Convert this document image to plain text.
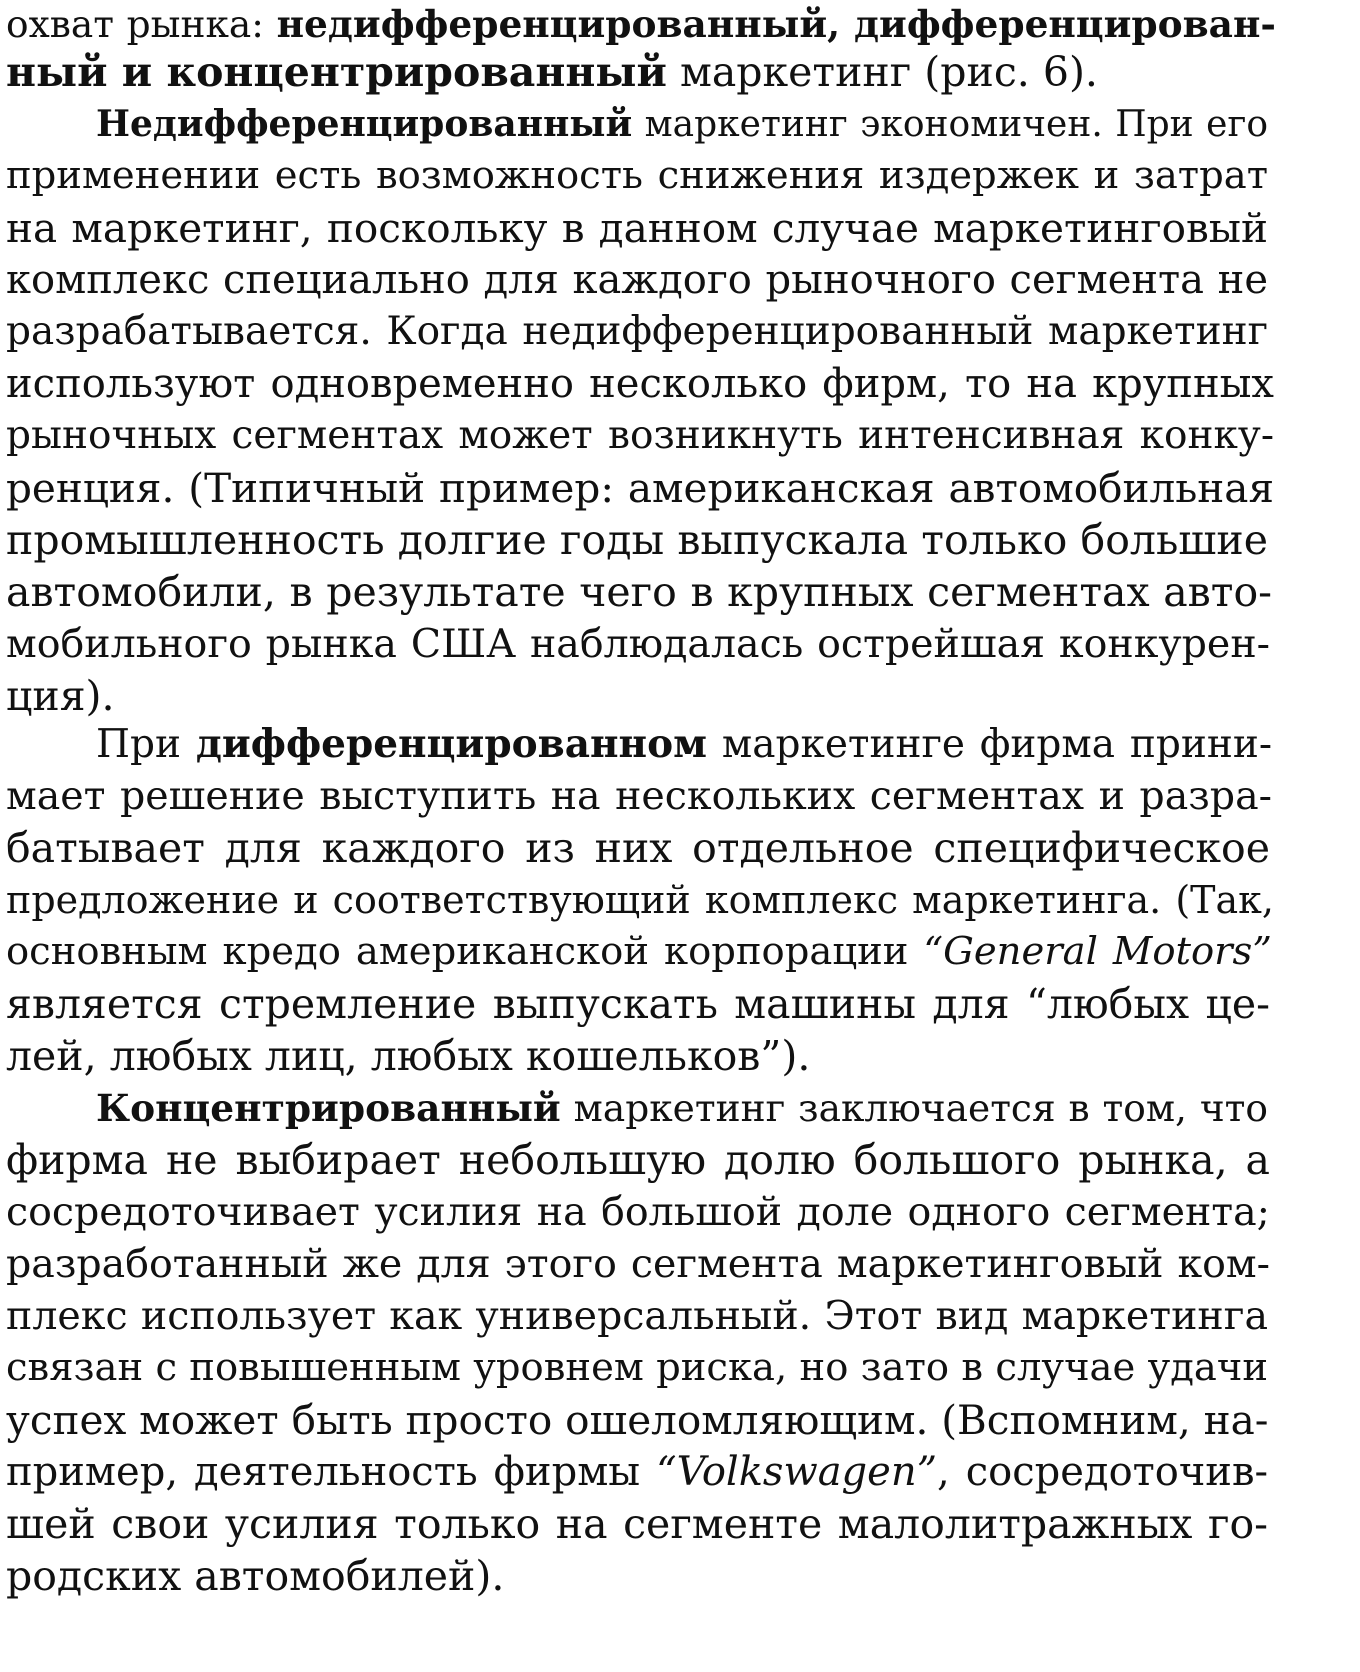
охват рынка: недифференцированный, дифференцирован-
ный и концентрированный маркетинг (рис. 6).
Недифференцированный маркетинг экономичен. При его
применении есть возможность снижения издержек и затрат
на маркетинг, поскольку в данном случае маркетинговый
комплекс специально для каждого рыночного сегмента не
разрабатывается. Когда недифференцированный маркетинг
используют одновременно несколько фирм, то на крупных
рыночных сегментах может возникнуть интенсивная конку-
ренция. (Типичный пример: американская автомобильная
промышленность долгие годы выпускала только большие
автомобили, в результате чего в крупных сегментах авто-
мобильного рынка США наблюдалась острейшая конкурен-
ция).
При дифференцированном маркетинге фирма прини-
мает решение выступить на нескольких сегментах и разра-
батывает для каждого из них отдельное специфическое
предложение и соответствующий комплекс маркетинга. (Так,
основным кредо американской корпорации “General Motors”
является стремление выпускать машины для “любых це-
лей, любых лиц, любых кошельков”).
Концентрированный маркетинг заключается в том, что
фирма не выбирает небольшую долю большого рынка, а
сосредоточивает усилия на большой доле одного сегмента;
разработанный же для этого сегмента маркетинговый ком-
плекс использует как универсальный. Этот вид маркетинга
связан с повышенным уровнем риска, но зато в случае удачи
успех может быть просто ошеломляющим. (Вспомним, на-
пример, деятельность фирмы “Volkswagen”, сосредоточив-
шей свои усилия только на сегменте малолитражных го-
родских автомобилей).
